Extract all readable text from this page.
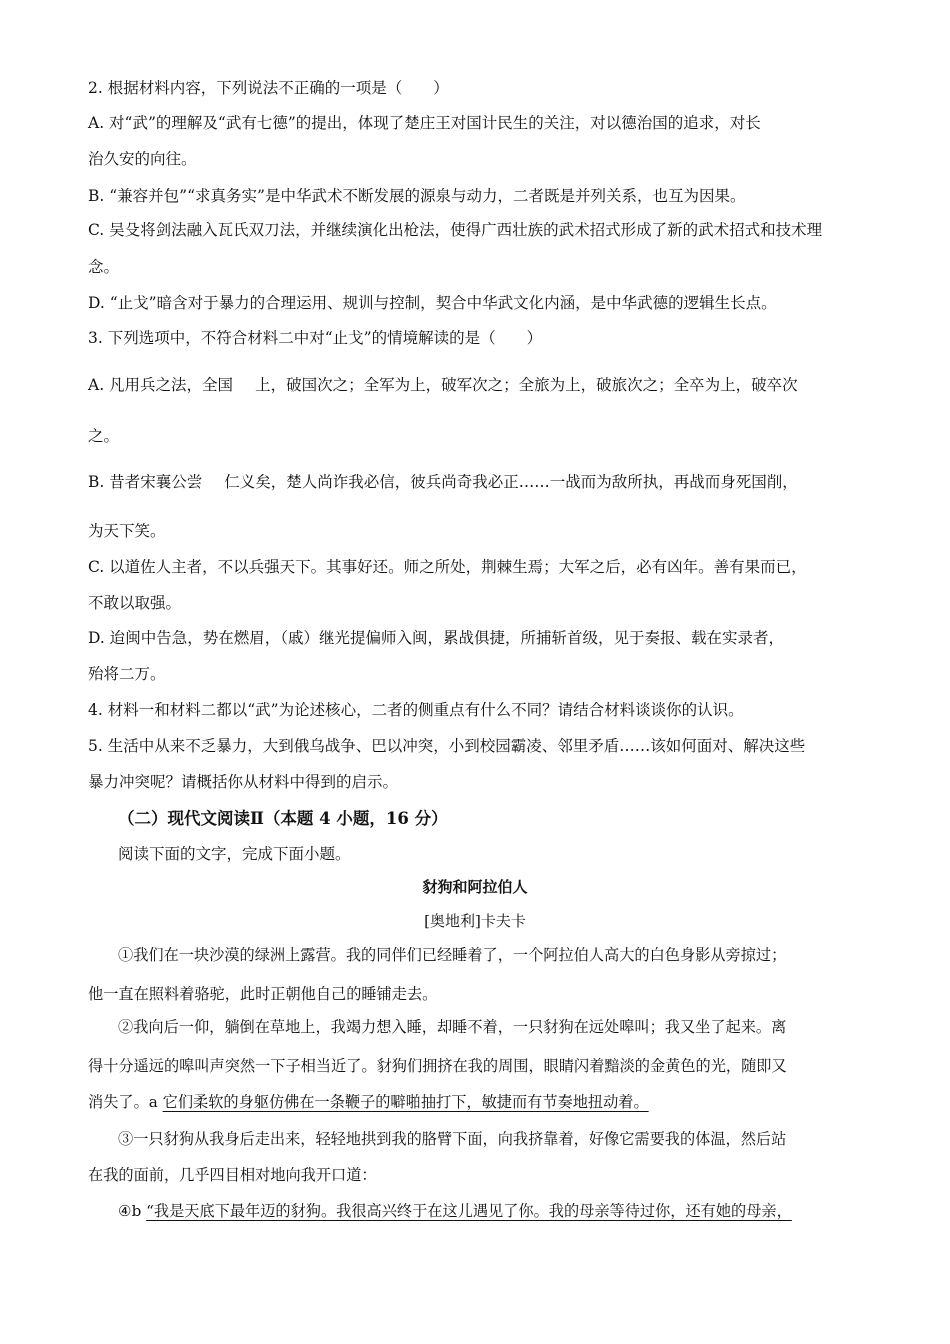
2. 根据材料内容，下列说法不正确的一项是（　　）
A. 对“武”的理解及“武有七德”的提出，体现了楚庄王对国计民生的关注，对以德治国的追求，对长
治久安的向往。
B. “兼容并包”“求真务实”是中华武术不断发展的源泉与动力，二者既是并列关系，也互为因果。
C. 吴殳将剑法融入瓦氏双刀法，并继续演化出枪法，使得广西壮族的武术招式形成了新的武术招式和技术理
念。
D. “止戈”暗含对于暴力的合理运用、规训与控制，契合中华武文化内涵，是中华武德的逻辑生长点。
3. 下列选项中，不符合材料二中对“止戈”的情境解读的是（　　）
A. 凡用兵之法，全国 上，破国次之；全军为上，破军次之；全旅为上，破旅次之；全卒为上，破卒次
之。
B. 昔者宋襄公尝 仁义矣，楚人尚诈我必信，彼兵尚奇我必正……一战而为敌所执，再战而身死国削，
为天下笑。
C. 以道佐人主者，不以兵强天下。其事好还。师之所处，荆棘生焉；大军之后，必有凶年。善有果而已，
不敢以取强。
D. 迨闽中告急，势在燃眉，（戚）继光提偏师入闽，累战俱捷，所捕斩首级，见于奏报、载在实录者，
殆将二万。
4. 材料一和材料二都以“武”为论述核心，二者的侧重点有什么不同？请结合材料谈谈你的认识。
5. 生活中从来不乏暴力，大到俄乌战争、巴以冲突，小到校园霸凌、邻里矛盾……该如何面对、解决这些
暴力冲突呢？请概括你从材料中得到的启示。
（二）现代文阅读Ⅱ（本题 4 小题，16 分）
阅读下面的文字，完成下面小题。
豺狗和阿拉伯人
[奥地利]卡夫卡
①我们在一块沙漠的绿洲上露营。我的同伴们已经睡着了，一个阿拉伯人高大的白色身影从旁掠过；
他一直在照料着骆驼，此时正朝他自己的睡铺走去。
②我向后一仰，躺倒在草地上，我竭力想入睡，却睡不着，一只豺狗在远处嗥叫；我又坐了起来。离
得十分遥远的嗥叫声突然一下子相当近了。豺狗们拥挤在我的周围，眼睛闪着黯淡的金黄色的光，随即又
消失了。a 它们柔软的身躯仿佛在一条鞭子的噼啪抽打下，敏捷而有节奏地扭动着。
③一只豺狗从我身后走出来，轻轻地拱到我的胳臂下面，向我挤靠着，好像它需要我的体温，然后站
在我的面前，几乎四目相对地向我开口道：
④b “我是天底下最年迈的豺狗。我很高兴终于在这儿遇见了你。我的母亲等待过你，还有她的母亲，
